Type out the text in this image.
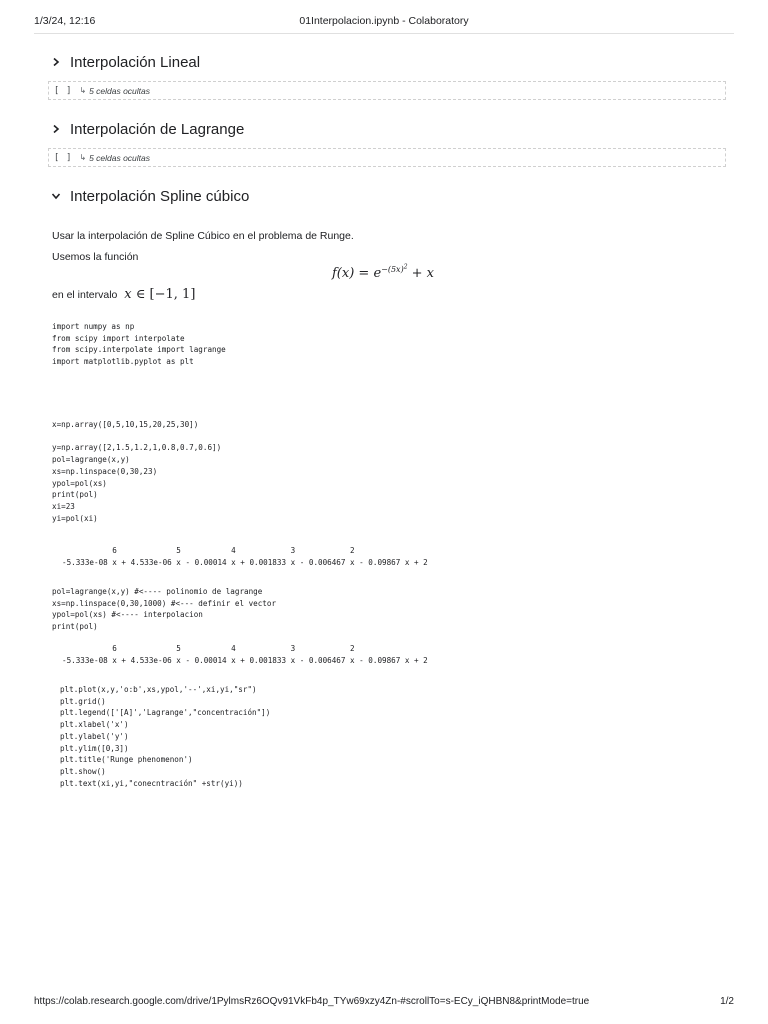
1/3/24, 12:16	01Interpolacion.ipynb - Colaboratory
Interpolación Lineal
[ ] ↳ 5 celdas ocultas
Interpolación de Lagrange
[ ] ↳ 5 celdas ocultas
Interpolación Spline cúbico
Usar la interpolación de Spline Cúbico en el problema de Runge.
Usemos la función
$f(x) = e^{-(5x)^2} + x$
en el intervalo x ∈ [−1, 1]
import numpy as np
from scipy import interpolate
from scipy.interpolate import lagrange
import matplotlib.pyplot as plt
x=np.array([0,5,10,15,20,25,30])

y=np.array([2,1.5,1.2,1,0.8,0.7,0.6])
pol=lagrange(x,y)
xs=np.linspace(0,30,23)
ypol=pol(xs)
print(pol)
xi=23
yi=pol(xi)
6             5           4            3            2
-5.333e-08 x + 4.533e-06 x - 0.00014 x + 0.001833 x - 0.006467 x - 0.09867 x + 2
pol=lagrange(x,y) #<---- polinomio de lagrange
xs=np.linspace(0,30,1000) #<--- definir el vector
ypol=pol(xs) #<---- interpolacion
print(pol)
6             5           4            3            2
-5.333e-08 x + 4.533e-06 x - 0.00014 x + 0.001833 x - 0.006467 x - 0.09867 x + 2
plt.plot(x,y,'o:b',xs,ypol,'--',xi,yi,"sr")
plt.grid()
plt.legend(['[A]','Lagrange',"concentración"])
plt.xlabel('x')
plt.ylabel('y')
plt.ylim([0,3])
plt.title('Runge phenomenon')
plt.show()
plt.text(xi,yi,"conecntración" +str(yi))
https://colab.research.google.com/drive/1PylmsRz6OQv91VkFb4p_TYw69xzy4Zn-#scrollTo=s-ECy_iQHBN8&printMode=true	1/2
